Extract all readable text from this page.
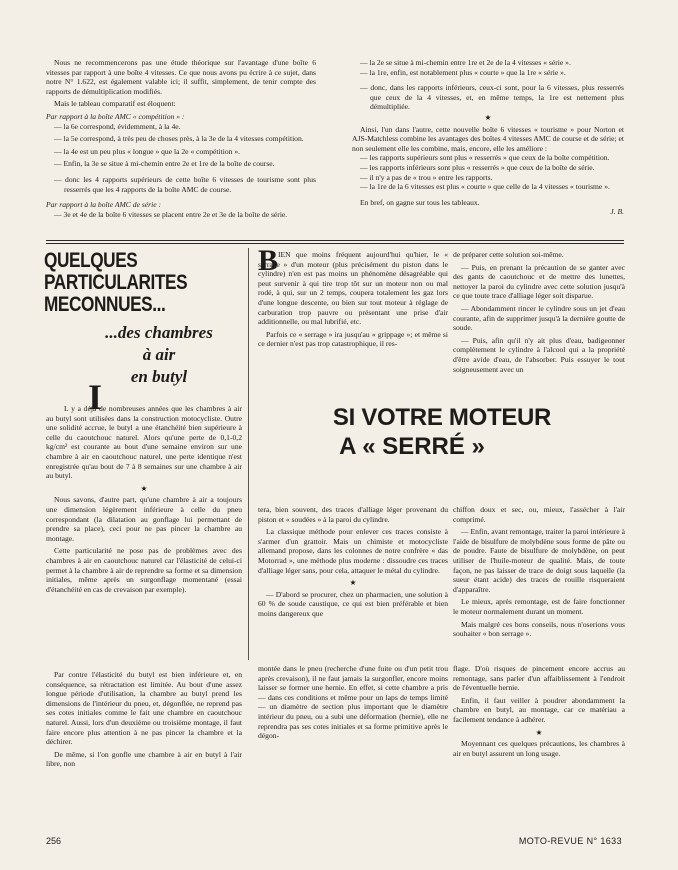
Nous ne recommencerons pas une étude théorique sur l'avantage d'une boîte 6 vitesses par rapport à une boîte 4 vitesses. Ce que nous avons pu écrire à ce sujet, dans notre N° 1.622, est également valable ici; il suffit, simplement, de tenir compte des rapports de démultiplication modifiés.

Mais le tableau comparatif est éloquent:

Par rapport à la boîte AMC « compétition » :

— la 6e correspond, évidemment, à la 4e.

— la 5e correspond, à très peu de choses près, à la 3e de la 4 vitesses compétition.

— la 4e est un peu plus « longue » que la 2e « compétition ».

— Enfin, la 3e se situe à mi-chemin entre 2e et 1re de la boîte de course.

— donc les 4 rapports supérieurs de cette boîte 6 vitesses de tourisme sont plus resserrés que les 4 rapports de la boîte AMC de course.

Par rapport à la boîte AMC de série :

— 3e et 4e de la boîte 6 vitesses se placent entre 2e et 3e de la boîte de série.

— la 2e se situe à mi-chemin entre 1re et 2e de la 4 vitesses « série ».

— la 1re, enfin, est notablement plus « courte » que la 1re « série ».

— donc, dans les rapports inférieurs, ceux-ci sont, pour la 6 vitesses, plus resserrés que ceux de la 4 vitesses, et, en même temps, la 1re est nettement plus démultipliée.

★

Ainsi, l'un dans l'autre, cette nouvelle boîte 6 vitesses « tourisme » pour Norton et AJS-Matchless combine les avantages des boîtes 4 vitesses AMC de course et de série; et non seulement elle les combine, mais, encore, elle les améliore :

— les rapports supérieurs sont plus « resserrés » que ceux de la boîte compétition.

— les rapports inférieurs sont plus « resserrés » que ceux de la boîte de série.

— il n'y a pas de « trou » entre les rapports.

— la 1re de la 6 vitesses est plus « courte » que celle de la 4 vitesses « tourisme ».

En bref, on gagne sur tous les tableaux.

J. B.

QUELQUES
PARTICULARITES
MECONNUES...
...des chambres
à air
en butyl
I

L y a déjà de nombreuses années que les chambres à air au butyl sont utilisées dans la construction motocycliste. Outre une solidité accrue, le butyl a une étanchéité bien supérieure à celle du caoutchouc naturel. Alors qu'une perte de 0,1-0,2 kg/cm² est courante au bout d'une semaine environ sur une chambre à air en caoutchouc naturel, une perte identique n'est enregistrée qu'au bout de 7 à 8 semaines sur une chambre à air au butyl.

★

Nous savons, d'autre part, qu'une chambre à air a toujours une dimension légèrement inférieure à celle du pneu correspondant (la dilatation au gonflage lui permettant de prendre sa place), ceci pour ne pas pincer la chambre au montage.

Cette particularité ne pose pas de problèmes avec des chambres à air en caoutchouc naturel car l'élasticité de celui-ci permet à la chambre à air de reprendre sa forme et sa dimension initiales, même après un surgonflage momentané (essai d'étanchéité en cas de crevaison par exemple).

Par contre l'élasticité du butyl est bien inférieure et, en conséquence, sa rétractation est limitée. Au bout d'une assez longue période d'utilisation, la chambre au butyl prend les dimensions de l'intérieur du pneu, et, dégonflée, ne reprend pas ses cotes initiales comme le fait une chambre en caoutchouc naturel. Aussi, lors d'un deuxième ou troisième montage, il faut faire encore plus attention à ne pas pincer la chambre et la déchirer.

De même, si l'on gonfle une chambre à air en butyl à l'air libre, non

B IEN que moins fréquent aujourd'hui qu'hier, le « serrage » d'un moteur (plus précisément du piston dans le cylindre) n'en est pas moins un phénomène désagréable qui peut survenir à qui tire trop tôt sur un moteur non ou mal rodé, à qui, sur un 2 temps, coupera totalement les gaz lors d'une longue descente, ou bien sur tout moteur à réglage de carburation trop pauvre ou présentant une prise d'air additionnelle, ou mal lubrifié, etc.

Parfois ce « serrage » ira jusqu'au « grippage »; et même si ce dernier n'est pas trop catastrophique, il res-

de préparer cette solution soi-même.

— Puis, en prenant la précaution de se ganter avec des gants de caoutchouc et de mettre des lunettes, nettoyer la paroi du cylindre avec cette solution jusqu'à ce que toute trace d'alliage léger soit disparue.

— Abondamment rincer le cylindre sous un jet d'eau courante, afin de supprimer jusqu'à la dernière goutte de soude.

— Puis, afin qu'il n'y ait plus d'eau, badigeonner complètement le cylindre à l'alcool qui a la propriété d'être avide d'eau, de l'absorber. Puis essuyer le tout soigneusement avec un

SI VOTRE MOTEUR
A « SERRÉ »

tera, bien souvent, des traces d'alliage léger provenant du piston et « soudées » à la paroi du cylindre.

La classique méthode pour enlever ces traces consiste à s'armer d'un grattoir. Mais un chimiste et motocycliste allemand propose, dans les colonnes de notre confrère « das Motorrad », une méthode plus moderne : dissoudre ces traces d'alliage léger sans, pour cela, attaquer le métal du cylindre.

★

— D'abord se procurer, chez un pharmacien, une solution à 60 % de soude caustique, ce qui est bien préférable et bien moins dangereux que

chiffon doux et sec, ou, mieux, l'assécher à l'air comprimé.

— Enfin, avant remontage, traiter la paroi intérieure à l'aide de bisulfure de molybdène sous forme de pâte ou de poudre. Faute de bisulfure de molybdène, on peut utiliser de l'huile-moteur de qualité. Mais, de toute façon, ne pas laisser de trace de doigt sous laquelle (la sueur étant acide) des traces de rouille risqueraient d'apparaître.

Le mieux, après remontage, est de faire fonctionner le moteur normalement durant un moment.

Mais malgré ces bons conseils, nous n'oserions vous souhaiter « bon serrage ».

montée dans le pneu (recherche d'une fuite ou d'un petit trou après crevaison), il ne faut jamais la surgonfler, encore moins laisser se former une hernie. En effet, si cette chambre a pris — dans ces conditions et même pour un laps de temps limité — un diamètre de section plus important que le diamètre intérieur du pneu, ou a subi une déformation (hernie), elle ne reprendra pas ses cotes initiales et sa forme primitive après le dégon-

flage. D'où risques de pincement encore accrus au remontage, sans parler d'un affaiblissement à l'endroit de l'éventuelle hernie.

Enfin, il faut veiller à poudrer abondamment la chambre en butyl, au montage, car ce matériau a facilement tendance à adhérer.

★

Moyennant ces quelques précautions, les chambres à air en butyl assurent un long usage.

256	MOTO-REVUE N° 1633
